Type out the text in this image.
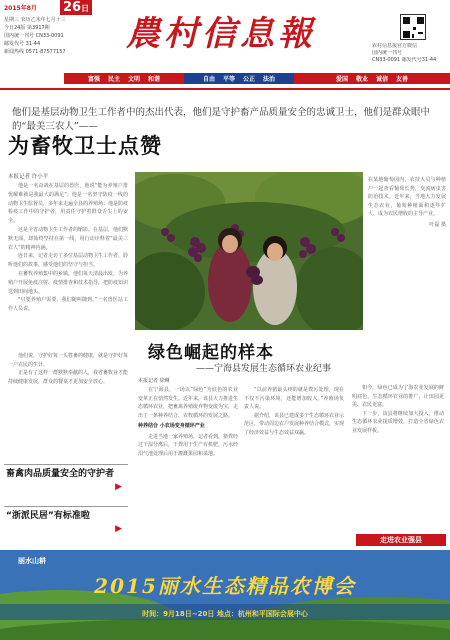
2015年8月 26日
星期三 农历乙未年七月十三
今日24版 第3917期
国内统一刊号 CN33-0091
邮发代号 31-44
新闻热线 0571-87577157	農村信息報	农村信息报官方微信
国内统一刊号
CN33-0091 邮发代号31-44
富强 民主 文明 和谐	自由 平等 公正 法治	爱国 敬业 诚信 友善
他们是基层动物卫生工作者中的杰出代表，他们是守护畜产品质量安全的忠诚卫士，他们是群众眼中的“最美三农人”——
为畜牧卫士点赞
本报记者 许小平

他是一名奋战在基层的兽医，他说“能为养殖户排忧解难就是我最大的满足”；他是一名坚守防疫一线的动物卫生监督员，多年来走遍全县的养殖场；他是防疫检疫工作中的守护者，用责任守护着群众舌尖上的安全。

这是全省动物卫生工作者的缩影。在基层，他们默默无闻，却始终坚持在第一线，用行动诠释着“最美三农人”的精神内涵。

连日来，记者走访了多位基层动物卫生工作者，聆听他们的故事，感受他们的坚守与担当。

在畜牧养殖集中的乡镇，他们每天清晨出发，为养殖户开展免疫注射、疫情排查和技术指导，把防疫知识送到田间地头。

“只要养殖户需要，我们随叫随到。”一名兽医站工作人员说。

他们说，守护好每一头牲畜的健康，就是守护好每一户农民的生计。

正是有了这样一群默默奉献的人，我省畜牧业才能持续健康发展，群众的餐桌才更加安全放心。

在某地葡萄园内，农技人员与种植户一起查看葡萄长势，交流病虫害防治技术。近年来，当地大力发展生态农业，葡萄种植面积逐年扩大，成为农民增收的主导产业。

叶磊 摄

绿色崛起的样本
——宁海县发展生态循环农业纪事
本报记者 徐琳

在宁海县，一场以“绿色”为底色的农业变革正在悄然发生。近年来，该县大力推进生态循环农业，把畜禽养殖废弃物变废为宝，走出了一条种养结合、农牧循环的发展之路。

种养结合 小农场变身循环产业

走进当地一家养殖场，记者看到，猪粪经过干湿分离后，干粪用于生产有机肥，污水经沼气池处理后用于灌溉果园和菜地。

“以前养猪最头疼的就是粪污处理，现在不仅不污染环境，还能增加收入。”养殖场负责人说。

据介绍，该县已建成多个生态循环农业示范区，带动周边农户发展种养结合模式，实现了经济效益与生态效益双赢。

如今，绿色已成为宁海农业发展的鲜明底色。生态循环农业的推广，让田园更美、农民更富。

下一步，该县将继续加大投入，推动生态循环农业提质增效，打造全省绿色农业发展样板。

畜禽肉品质量安全的守护者
▶
“浙派民居”有标准啦
▶
走进农业强县
丽水山耕
2015丽水生态精品农博会
时间：9月18日~20日 地点：杭州和平国际会展中心
